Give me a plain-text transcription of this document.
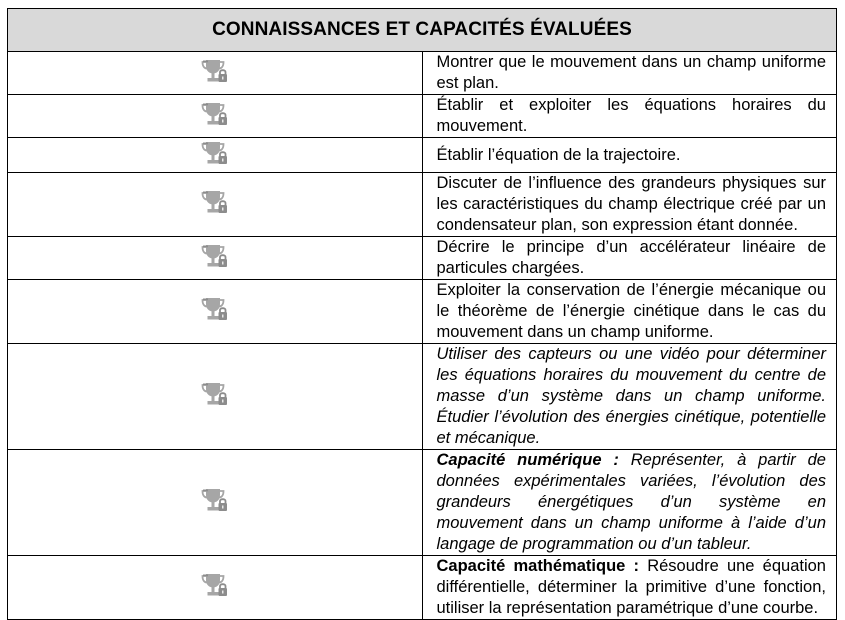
CONNAISSANCES ET CAPACITÉS ÉVALUÉES	
	Montrer que le mouvement dans un champ uniforme est plan.
	Établir et exploiter les équations horaires du mouvement.
	Établir l’équation de la trajectoire.
	Discuter de l’influence des grandeurs physiques sur les caractéristiques du champ électrique créé par un condensateur plan, son expression étant donnée.
	Décrire le principe d’un accélérateur linéaire de particules chargées.
	Exploiter la conservation de l’énergie mécanique ou le théorème de l’énergie cinétique dans le cas du mouvement dans un champ uniforme.
	Utiliser des capteurs ou une vidéo pour déterminer les équations horaires du mouvement du centre de masse d’un système dans un champ uniforme. Étudier l’évolution des énergies cinétique, potentielle et mécanique.
	Capacité numérique : Représenter, à partir de données expérimentales variées, l’évolution des grandeurs énergétiques d’un système en mouvement dans un champ uniforme à l’aide d’un langage de programmation ou d’un tableur.
	Capacité mathématique : Résoudre une équation différentielle, déterminer la primitive d’une fonction, utiliser la représentation paramétrique d’une courbe.
